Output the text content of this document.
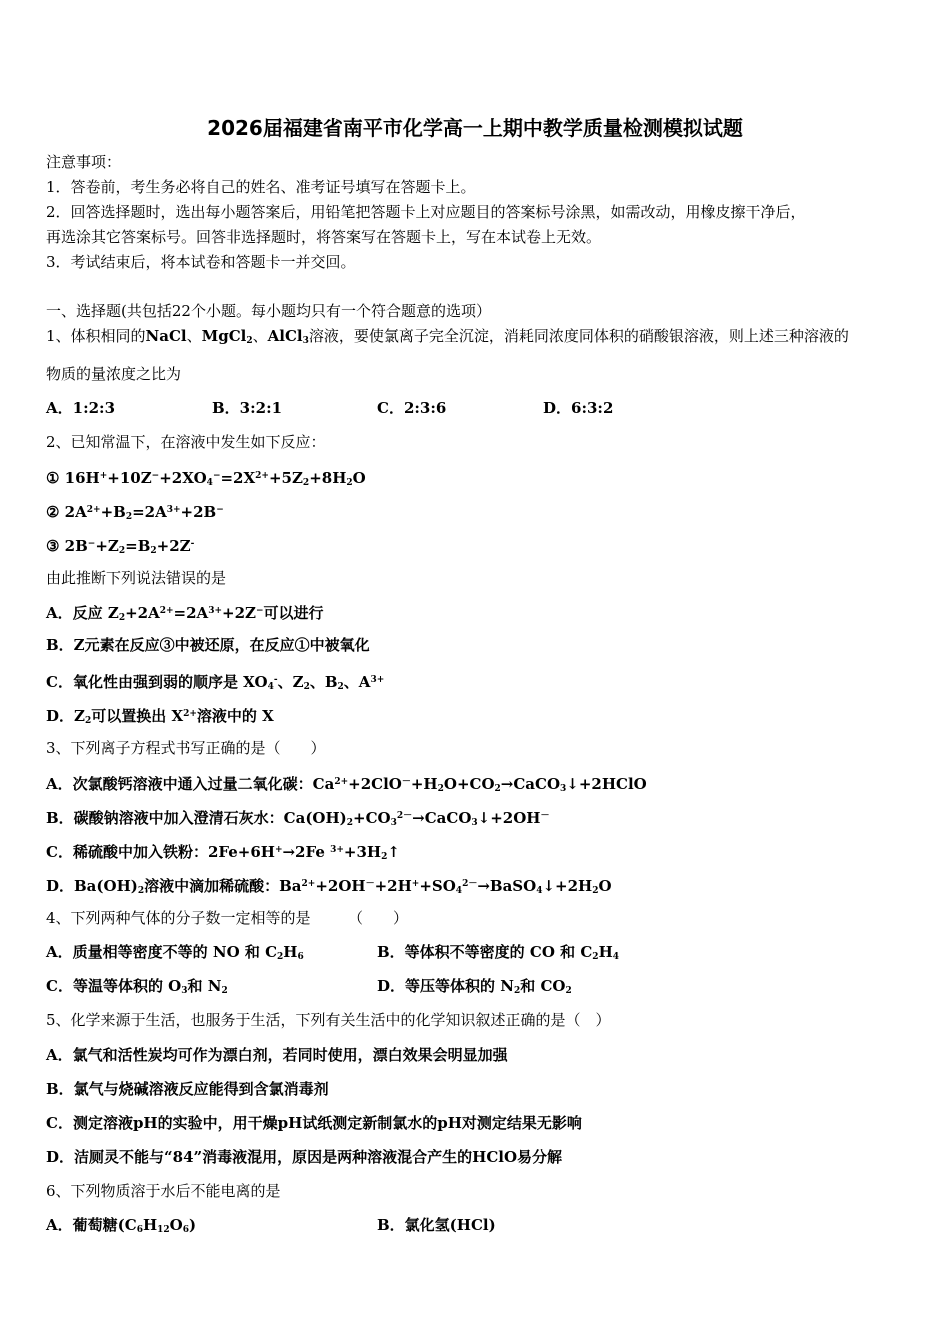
2026届福建省南平市化学高一上期中教学质量检测模拟试题
注意事项：
1．答卷前，考生务必将自己的姓名、准考证号填写在答题卡上。
2．回答选择题时，选出每小题答案后，用铅笔把答题卡上对应题目的答案标号涂黑，如需改动，用橡皮擦干净后，
再选涂其它答案标号。回答非选择题时，将答案写在答题卡上，写在本试卷上无效。
3．考试结束后，将本试卷和答题卡一并交回。
一、选择题(共包括22个小题。每小题均只有一个符合题意的选项）
1、体积相同的NaCl、MgCl$_2$、AlCl$_3$溶液，要使氯离子完全沉淀，消耗同浓度同体积的硝酸银溶液，则上述三种溶液的
物质的量浓度之比为
A．1:2:3	B．3:2:1	C．2:3:6	D．6:3:2
2、已知常温下，在溶液中发生如下反应：
① $16H^++10Z^-+2XO_4^-=2X^{2+}+5Z_2+8H_2O$
② $2A^{2+}+B_2=2A^{3+}+2B^-$
③ $2B^-+Z_2=B_2+2Z^-$
由此推断下列说法错误的是
A．反应 $Z_2+2A^{2+}=2A^{3+}+2Z^-$可以进行
B．Z元素在反应③中被还原，在反应①中被氧化
C．氧化性由强到弱的顺序是 $XO_4^-$、$Z_2$、$B_2$、$A^{3+}$
D．$Z_2$可以置换出 $X^{2+}$溶液中的 X
3、下列离子方程式书写正确的是（　　）
A．次氯酸钙溶液中通入过量二氧化碳：$Ca^{2+}+2ClO^-+H_2O+CO_2\to CaCO_3↓+2HClO$
B．碳酸钠溶液中加入澄清石灰水：$Ca(OH)_2+CO_3^{2-}\to CaCO_3↓+2OH^-$
C．稀硫酸中加入铁粉：2Fe+6H+→2Fe $^{3+}+3H_2↑$
D．$Ba(OH)_2$溶液中滴加稀硫酸：$Ba^{2+}+2OH^-+2H^++SO_4^{2-}\to BaSO_4↓+2H_2O$
4、下列两种气体的分子数一定相等的是　　　（　　）
A．质量相等密度不等的 NO 和 $C_2H_6$	B．等体积不等密度的 CO 和 $C_2H_4$
C．等温等体积的 $O_3$和 $N_2$	D．等压等体积的 $N_2$和 $CO_2$
5、化学来源于生活，也服务于生活，下列有关生活中的化学知识叙述正确的是（　）
A．氯气和活性炭均可作为漂白剂，若同时使用，漂白效果会明显加强
B．氯气与烧碱溶液反应能得到含氯消毒剂
C．测定溶液pH的实验中，用干燥pH试纸测定新制氯水的pH对测定结果无影响
D．洁厕灵不能与“84”消毒液混用，原因是两种溶液混合产生的HClO易分解
6、下列物质溶于水后不能电离的是
A．葡萄糖$(C_6H_{12}O_6)$	B．氯化氢(HCl)
